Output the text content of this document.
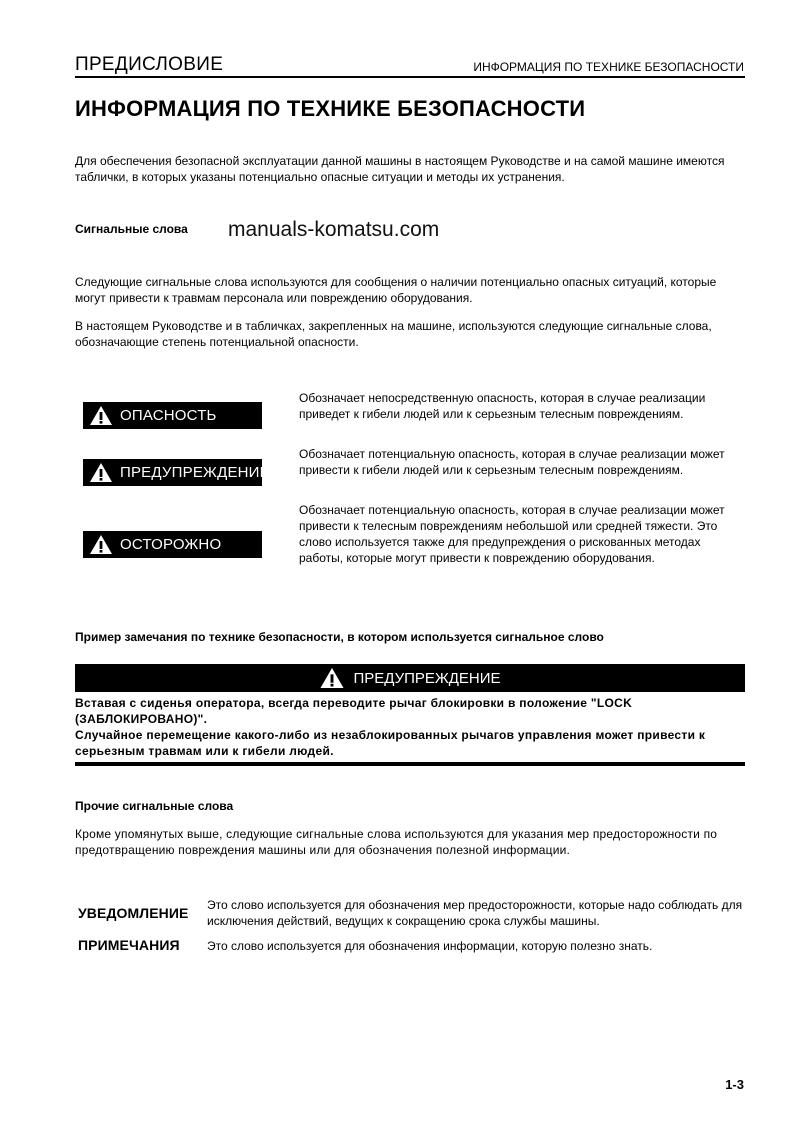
ПРЕДИСЛОВИЕ	ИНФОРМАЦИЯ ПО ТЕХНИКЕ БЕЗОПАСНОСТИ
ИНФОРМАЦИЯ ПО ТЕХНИКЕ БЕЗОПАСНОСТИ
Для обеспечения безопасной эксплуатации данной машины в настоящем Руководстве и на самой машине имеются таблички, в которых указаны потенциально опасные ситуации и методы их устранения.
Сигнальные слова manuals-komatsu.com
Следующие сигнальные слова используются для сообщения о наличии потенциально опасных ситуаций, которые могут привести к травмам персонала или повреждению оборудования.
В настоящем Руководстве и в табличках, закрепленных на машине, используются следующие сигнальные слова, обозначающие степень потенциальной опасности.
ОПАСНОСТЬ
ПРЕДУПРЕЖДЕНИЕ
ОСТОРОЖНО
Обозначает непосредственную опасность, которая в случае реализации приведет к гибели людей или к серьезным телесным повреждениям.
Обозначает потенциальную опасность, которая в случае реализации может привести к гибели людей или к серьезным телесным повреждениям.
Обозначает потенциальную опасность, которая в случае реализации может привести к телесным повреждениям небольшой или средней тяжести. Это слово используется также для предупреждения о рискованных методах работы, которые могут привести к повреждению оборудования.
Пример замечания по технике безопасности, в котором используется сигнальное слово
ПРЕДУПРЕЖДЕНИЕ
Вставая с сиденья оператора, всегда переводите рычаг блокировки в положение "LOCK (ЗАБЛОКИРОВАНО)".
Случайное перемещение какого-либо из незаблокированных рычагов управления может привести к серьезным травмам или к гибели людей.
Прочие сигнальные слова
Кроме упомянутых выше, следующие сигнальные слова используются для указания мер предосторожности по предотвращению повреждения машины или для обозначения полезной информации.
УВЕДОМЛЕНИЕ Это слово используется для обозначения мер предосторожности, которые надо соблюдать для исключения действий, ведущих к сокращению срока службы машины.
ПРИМЕЧАНИЯ Это слово используется для обозначения информации, которую полезно знать.
1-3
